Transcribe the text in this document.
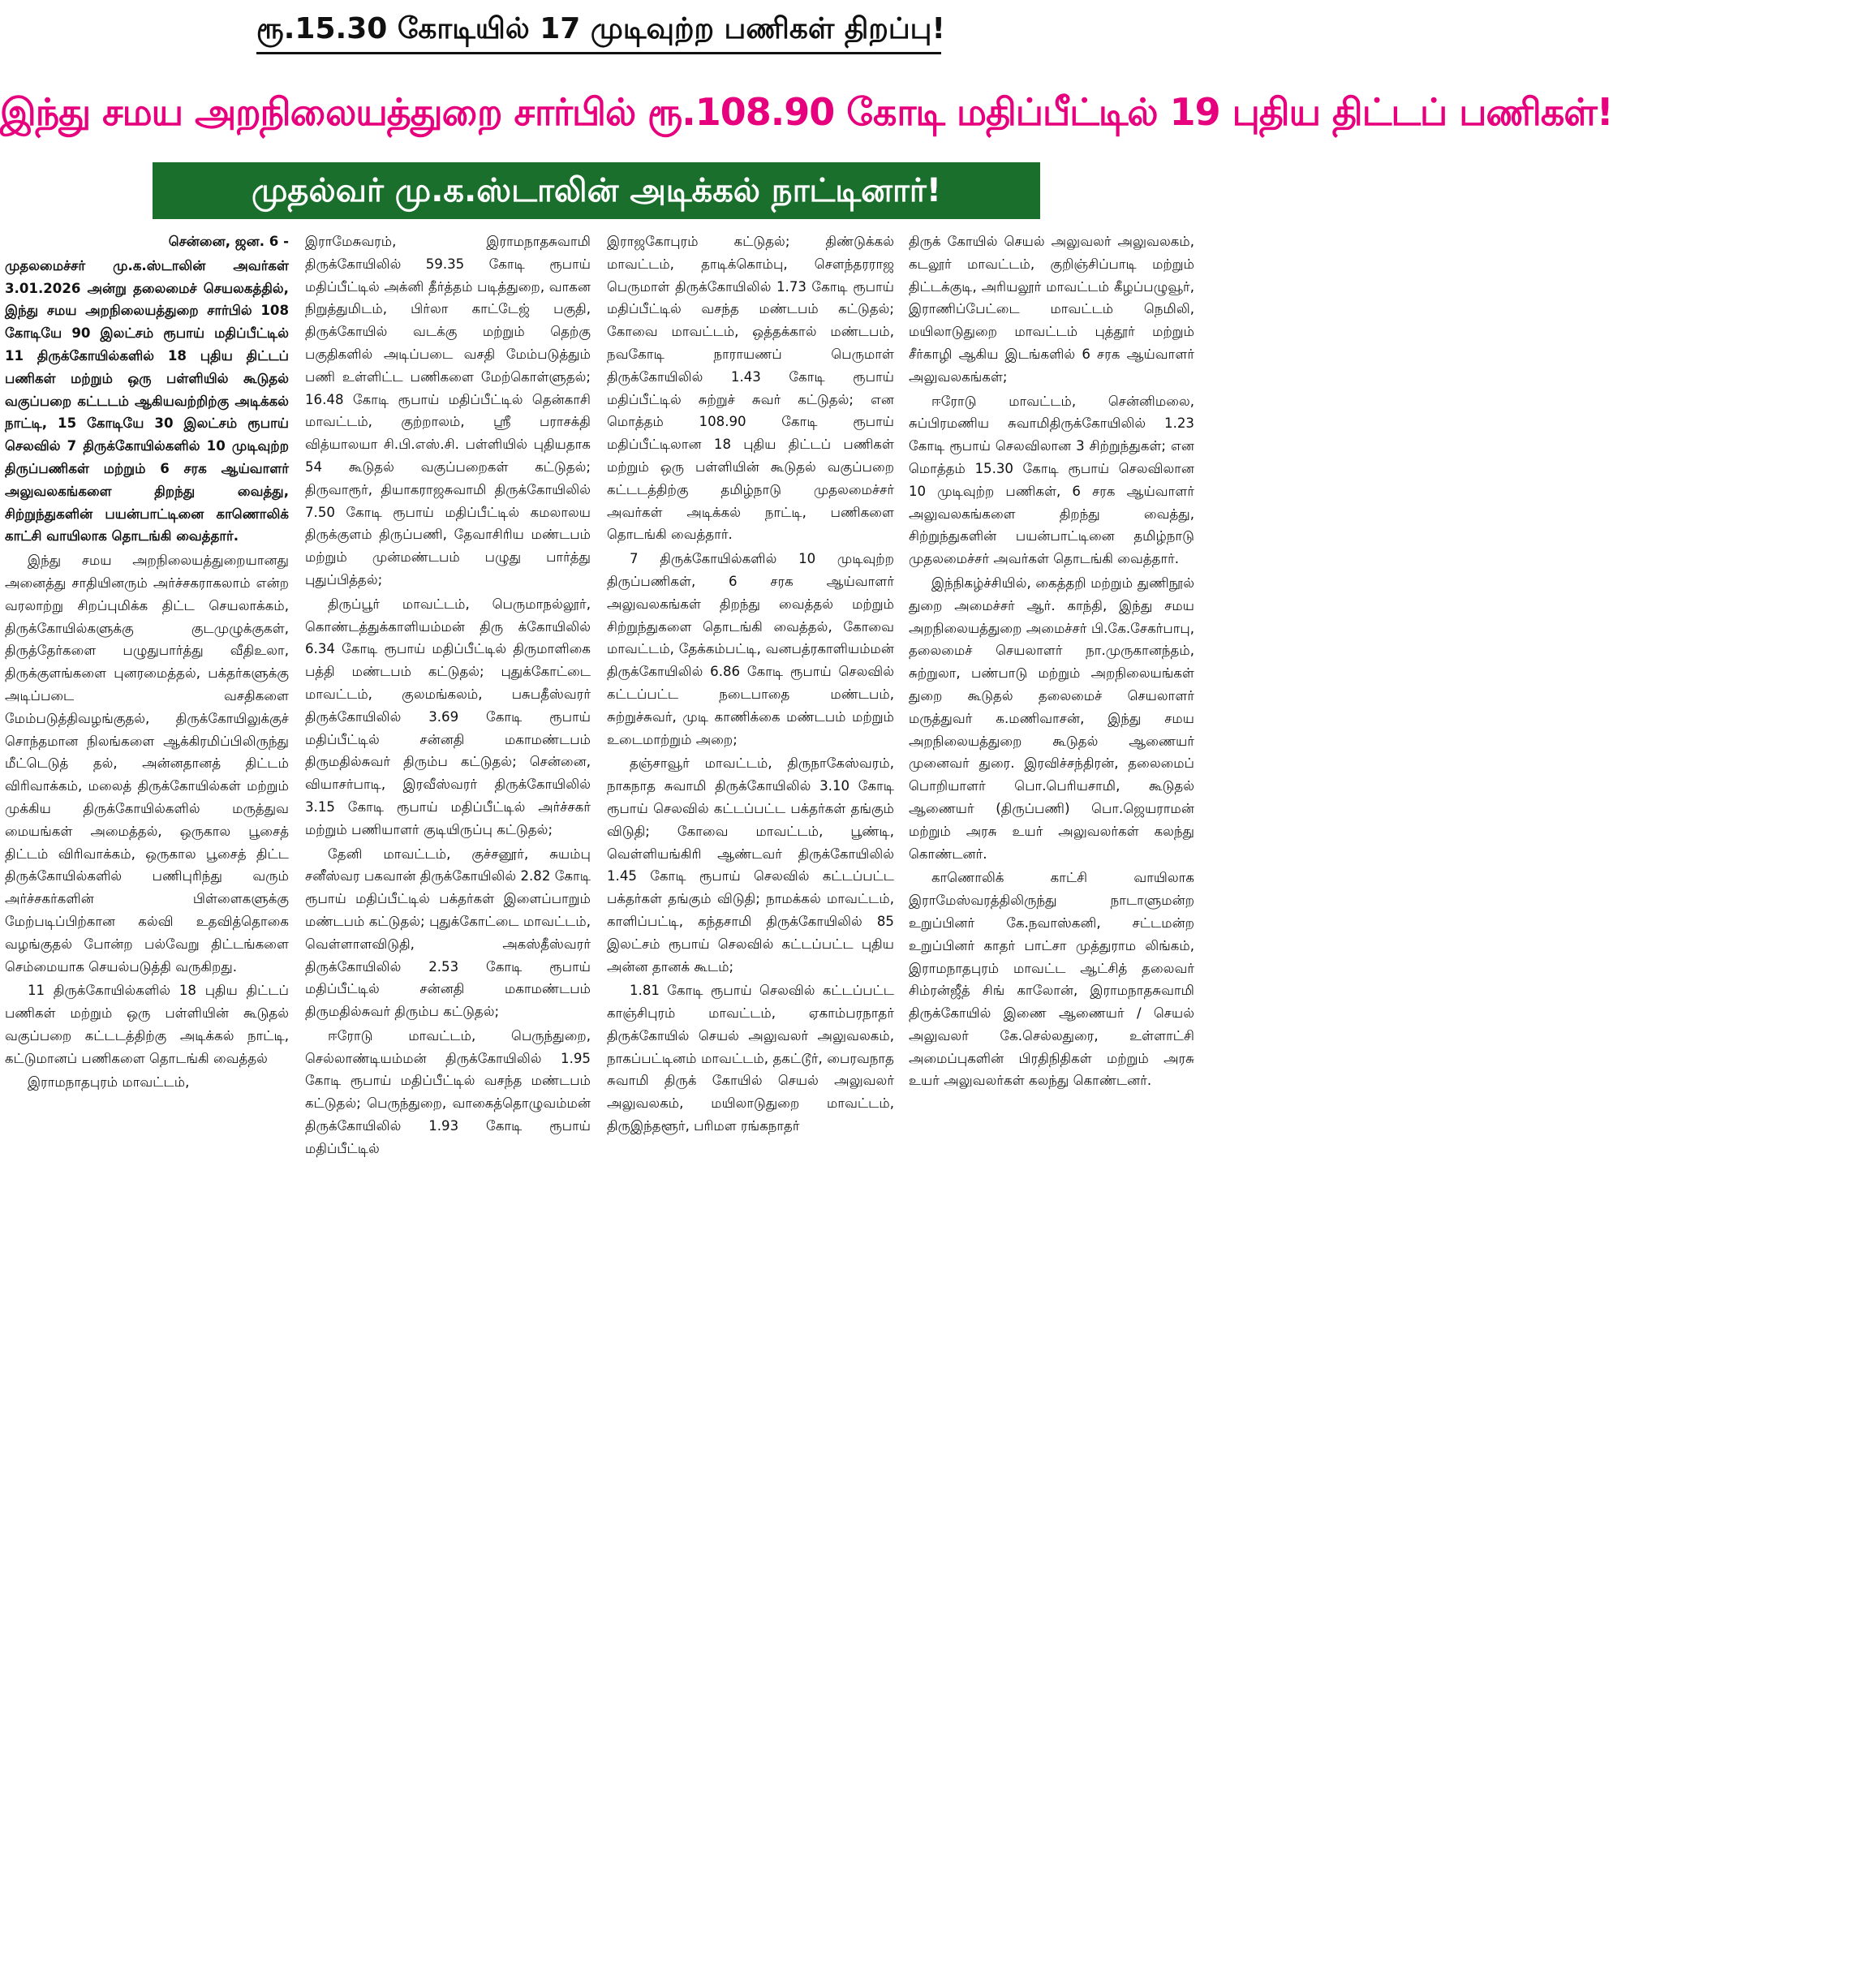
ரூ.15.30 கோடியில் 17 முடிவுற்ற பணிகள் திறப்பு!
இந்து சமய அறநிலையத்துறை சார்பில் ரூ.108.90 கோடி மதிப்பீட்டில் 19 புதிய திட்டப் பணிகள்!
முதல்வர் மு.க.ஸ்டாலின் அடிக்கல் நாட்டினார்!

சென்னை, ஜன. 6 -

முதலமைச்சர் மு.க.ஸ்டாலின் அவர்கள் 3.01.2026 அன்று தலைமைச் செயலகத்தில், இந்து சமய அறநிலையத்துறை சார்பில் 108 கோடியே 90 இலட்சம் ரூபாய் மதிப்பீட்டில் 11 திருக்கோயில்களில் 18 புதிய திட்டப் பணிகள் மற்றும் ஒரு பள்ளியில் கூடுதல் வகுப்பறை கட்டடம் ஆகியவற்றிற்கு அடிக்கல் நாட்டி, 15 கோடியே 30 இலட்சம் ரூபாய் செலவில் 7 திருக்கோயில்களில் 10 முடிவுற்ற திருப்பணிகள் மற்றும் 6 சரக ஆய்வாளர் அலுவலகங்களை திறந்து வைத்து, சிற்றுந்துகளின் பயன்பாட்டினை காணொலிக் காட்சி வாயிலாக தொடங்கி வைத்தார்.

இந்து சமய அறநிலையத்துறையானது அனைத்து சாதியினரும் அர்ச்சகராகலாம் என்ற வரலாற்று சிறப்புமிக்க திட்ட செயலாக்கம், திருக்கோயில்களுக்கு குடமுழுக்குகள், திருத்தேர்களை பழுதுபார்த்து வீதிஉலா, திருக்குளங்களை புனரமைத்தல், பக்தர்களுக்கு அடிப்படை வசதிகளை மேம்படுத்திவழங்குதல், திருக்கோயிலுக்குச் சொந்தமான நிலங்களை ஆக்கிரமிப்பிலிருந்து மீட்டெடுத் தல், அன்னதானத் திட்டம் விரிவாக்கம், மலைத் திருக்கோயில்கள் மற்றும் முக்கிய திருக்கோயில்களில் மருத்துவ மையங்கள் அமைத்தல், ஒருகால பூசைத் திட்டம் விரிவாக்கம், ஒருகால பூசைத் திட்ட திருக்கோயில்களில் பணிபுரிந்து வரும் அர்ச்சகர்களின் பிள்ளைகளுக்கு மேற்படிப்பிற்கான கல்வி உதவித்தொகை வழங்குதல் போன்ற பல்வேறு திட்டங்களை செம்மையாக செயல்படுத்தி வருகிறது.

11 திருக்கோயில்களில் 18 புதிய திட்டப் பணிகள் மற்றும் ஒரு பள்ளியின் கூடுதல் வகுப்பறை கட்டடத்திற்கு அடிக்கல் நாட்டி, கட்டுமானப் பணிகளை தொடங்கி வைத்தல்

இராமநாதபுரம் மாவட்டம்,

இராமேசுவரம், இராமநாதசுவாமி திருக்கோயிலில் 59.35 கோடி ரூபாய் மதிப்பீட்டில் அக்னி தீர்த்தம் படித்துறை, வாகன நிறுத்துமிடம், பிர்லா காட்டேஜ் பகுதி, திருக்கோயில் வடக்கு மற்றும் தெற்கு பகுதிகளில் அடிப்படை வசதி மேம்படுத்தும் பணி உள்ளிட்ட பணிகளை மேற்கொள்ளுதல்; 16.48 கோடி ரூபாய் மதிப்பீட்டில் தென்காசி மாவட்டம், குற்றாலம், ஸ்ரீ பராசக்தி வித்யாலயா சி.பி.எஸ்.சி. பள்ளியில் புதியதாக 54 கூடுதல் வகுப்பறைகள் கட்டுதல்; திருவாரூர், தியாகராஜசுவாமி திருக்கோயிலில் 7.50 கோடி ரூபாய் மதிப்பீட்டில் கமலாலய திருக்குளம் திருப்பணி, தேவாசிரிய மண்டபம் மற்றும் முன்மண்டபம் பழுது பார்த்து புதுப்பித்தல்;

திருப்பூர் மாவட்டம், பெருமாநல்லூர், கொண்டத்துக்காளியம்மன் திரு க்கோயிலில் 6.34 கோடி ரூபாய் மதிப்பீட்டில் திருமாளிகை பத்தி மண்டபம் கட்டுதல்; புதுக்கோட்டை மாவட்டம், குலமங்கலம், பசுபதீஸ்வரர் திருக்கோயிலில் 3.69 கோடி ரூபாய் மதிப்பீட்டில் சன்னதி மகாமண்டபம் திருமதில்சுவர் திரும்ப கட்டுதல்; சென்னை, வியாசர்பாடி, இரவீஸ்வரர் திருக்கோயிலில் 3.15 கோடி ரூபாய் மதிப்பீட்டில் அர்ச்சகர் மற்றும் பணியாளர் குடியிருப்பு கட்டுதல்;

தேனி மாவட்டம், குச்சனூர், சுயம்பு சனீஸ்வர பகவான் திருக்கோயிலில் 2.82 கோடி ரூபாய் மதிப்பீட்டில் பக்தர்கள் இளைப்பாறும் மண்டபம் கட்டுதல்; புதுக்கோட்டை மாவட்டம், வெள்ளாளவிடுதி, அகஸ்தீஸ்வரர் திருக்கோயிலில் 2.53 கோடி ரூபாய் மதிப்பீட்டில் சன்னதி மகாமண்டபம் திருமதில்சுவர் திரும்ப கட்டுதல்;

ஈரோடு மாவட்டம், பெருந்துறை, செல்லாண்டியம்மன் திருக்கோயிலில் 1.95 கோடி ரூபாய் மதிப்பீட்டில் வசந்த மண்டபம் கட்டுதல்; பெருந்துறை, வாகைத்தொழுவம்மன் திருக்கோயிலில் 1.93 கோடி ரூபாய் மதிப்பீட்டில்

இராஜகோபுரம் கட்டுதல்; திண்டுக்கல் மாவட்டம், தாடிக்கொம்பு, சௌந்தரராஜ பெருமாள் திருக்கோயிலில் 1.73 கோடி ரூபாய் மதிப்பீட்டில் வசந்த மண்டபம் கட்டுதல்; கோவை மாவட்டம், ஒத்தக்கால் மண்டபம், நவகோடி நாராயணப் பெருமாள் திருக்கோயிலில் 1.43 கோடி ரூபாய் மதிப்பீட்டில் சுற்றுச் சுவர் கட்டுதல்; என மொத்தம் 108.90 கோடி ரூபாய் மதிப்பீட்டிலான 18 புதிய திட்டப் பணிகள் மற்றும் ஒரு பள்ளியின் கூடுதல் வகுப்பறை கட்டடத்திற்கு தமிழ்நாடு முதலமைச்சர் அவர்கள் அடிக்கல் நாட்டி, பணிகளை தொடங்கி வைத்தார்.

7 திருக்கோயில்களில் 10 முடிவுற்ற திருப்பணிகள், 6 சரக ஆய்வாளர் அலுவலகங்கள் திறந்து வைத்தல் மற்றும் சிற்றுந்துகளை தொடங்கி வைத்தல், கோவை மாவட்டம், தேக்கம்பட்டி, வனபத்ரகாளியம்மன் திருக்கோயிலில் 6.86 கோடி ரூபாய் செலவில் கட்டப்பட்ட நடைபாதை மண்டபம், சுற்றுச்சுவர், முடி காணிக்கை மண்டபம் மற்றும் உடைமாற்றும் அறை;

தஞ்சாவூர் மாவட்டம், திருநாகேஸ்வரம், நாகநாத சுவாமி திருக்கோயிலில் 3.10 கோடி ரூபாய் செலவில் கட்டப்பட்ட பக்தர்கள் தங்கும் விடுதி; கோவை மாவட்டம், பூண்டி, வெள்ளியங்கிரி ஆண்டவர் திருக்கோயிலில் 1.45 கோடி ரூபாய் செலவில் கட்டப்பட்ட பக்தர்கள் தங்கும் விடுதி; நாமக்கல் மாவட்டம், காளிப்பட்டி, கந்தசாமி திருக்கோயிலில் 85 இலட்சம் ரூபாய் செலவில் கட்டப்பட்ட புதிய அன்ன தானக் கூடம்;

1.81 கோடி ரூபாய் செலவில் கட்டப்பட்ட காஞ்சிபுரம் மாவட்டம், ஏகாம்பரநாதர் திருக்கோயில் செயல் அலுவலர் அலுவலகம், நாகப்பட்டினம் மாவட்டம், தகட்டூர், பைரவநாத சுவாமி திருக் கோயில் செயல் அலுவலர் அலுவலகம், மயிலாடுதுறை மாவட்டம், திருஇந்தளூர், பரிமள ரங்கநாதர்

திருக் கோயில் செயல் அலுவலர் அலுவலகம், கடலூர் மாவட்டம், குறிஞ்சிப்பாடி மற்றும் திட்டக்குடி, அரியலூர் மாவட்டம் கீழப்பழுவூர், இராணிப்பேட்டை மாவட்டம் நெமிலி, மயிலாடுதுறை மாவட்டம் புத்தூர் மற்றும் சீர்காழி ஆகிய இடங்களில் 6 சரக ஆய்வாளர் அலுவலகங்கள்;

ஈரோடு மாவட்டம், சென்னிமலை, சுப்பிரமணிய சுவாமிதிருக்கோயிலில் 1.23 கோடி ரூபாய் செலவிலான 3 சிற்றுந்துகள்; என மொத்தம் 15.30 கோடி ரூபாய் செலவிலான 10 முடிவுற்ற பணிகள், 6 சரக ஆய்வாளர் அலுவலகங்களை திறந்து வைத்து, சிற்றுந்துகளின் பயன்பாட்டினை தமிழ்நாடு முதலமைச்சர் அவர்கள் தொடங்கி வைத்தார்.

இந்நிகழ்ச்சியில், கைத்தறி மற்றும் துணிநூல் துறை அமைச்சர் ஆர். காந்தி, இந்து சமய அறநிலையத்துறை அமைச்சர் பி.கே.சேகர்பாபு, தலைமைச் செயலாளர் நா.முருகானந்தம், சுற்றுலா, பண்பாடு மற்றும் அறநிலையங்கள் துறை கூடுதல் தலைமைச் செயலாளர் மருத்துவர் க.மணிவாசன், இந்து சமய அறநிலையத்துறை கூடுதல் ஆணையர் முனைவர் துரை. இரவிச்சந்திரன், தலைமைப் பொறியாளர் பொ.பெரியசாமி, கூடுதல் ஆணையர் (திருப்பணி) பொ.ஜெயராமன் மற்றும் அரசு உயர் அலுவலர்கள் கலந்து கொண்டனர்.

காணொலிக் காட்சி வாயிலாக இராமேஸ்வரத்திலிருந்து நாடாளுமன்ற உறுப்பினர் கே.நவாஸ்கனி, சட்டமன்ற உறுப்பினர் காதர் பாட்சா முத்துராம லிங்கம், இராமநாதபுரம் மாவட்ட ஆட்சித் தலைவர் சிம்ரன்ஜீத் சிங் காலோன், இராமநாதசுவாமி திருக்கோயில் இணை ஆணையர் / செயல் அலுவலர் கே.செல்லதுரை, உள்ளாட்சி அமைப்புகளின் பிரதிநிதிகள் மற்றும் அரசு உயர் அலுவலர்கள் கலந்து கொண்டனர்.
